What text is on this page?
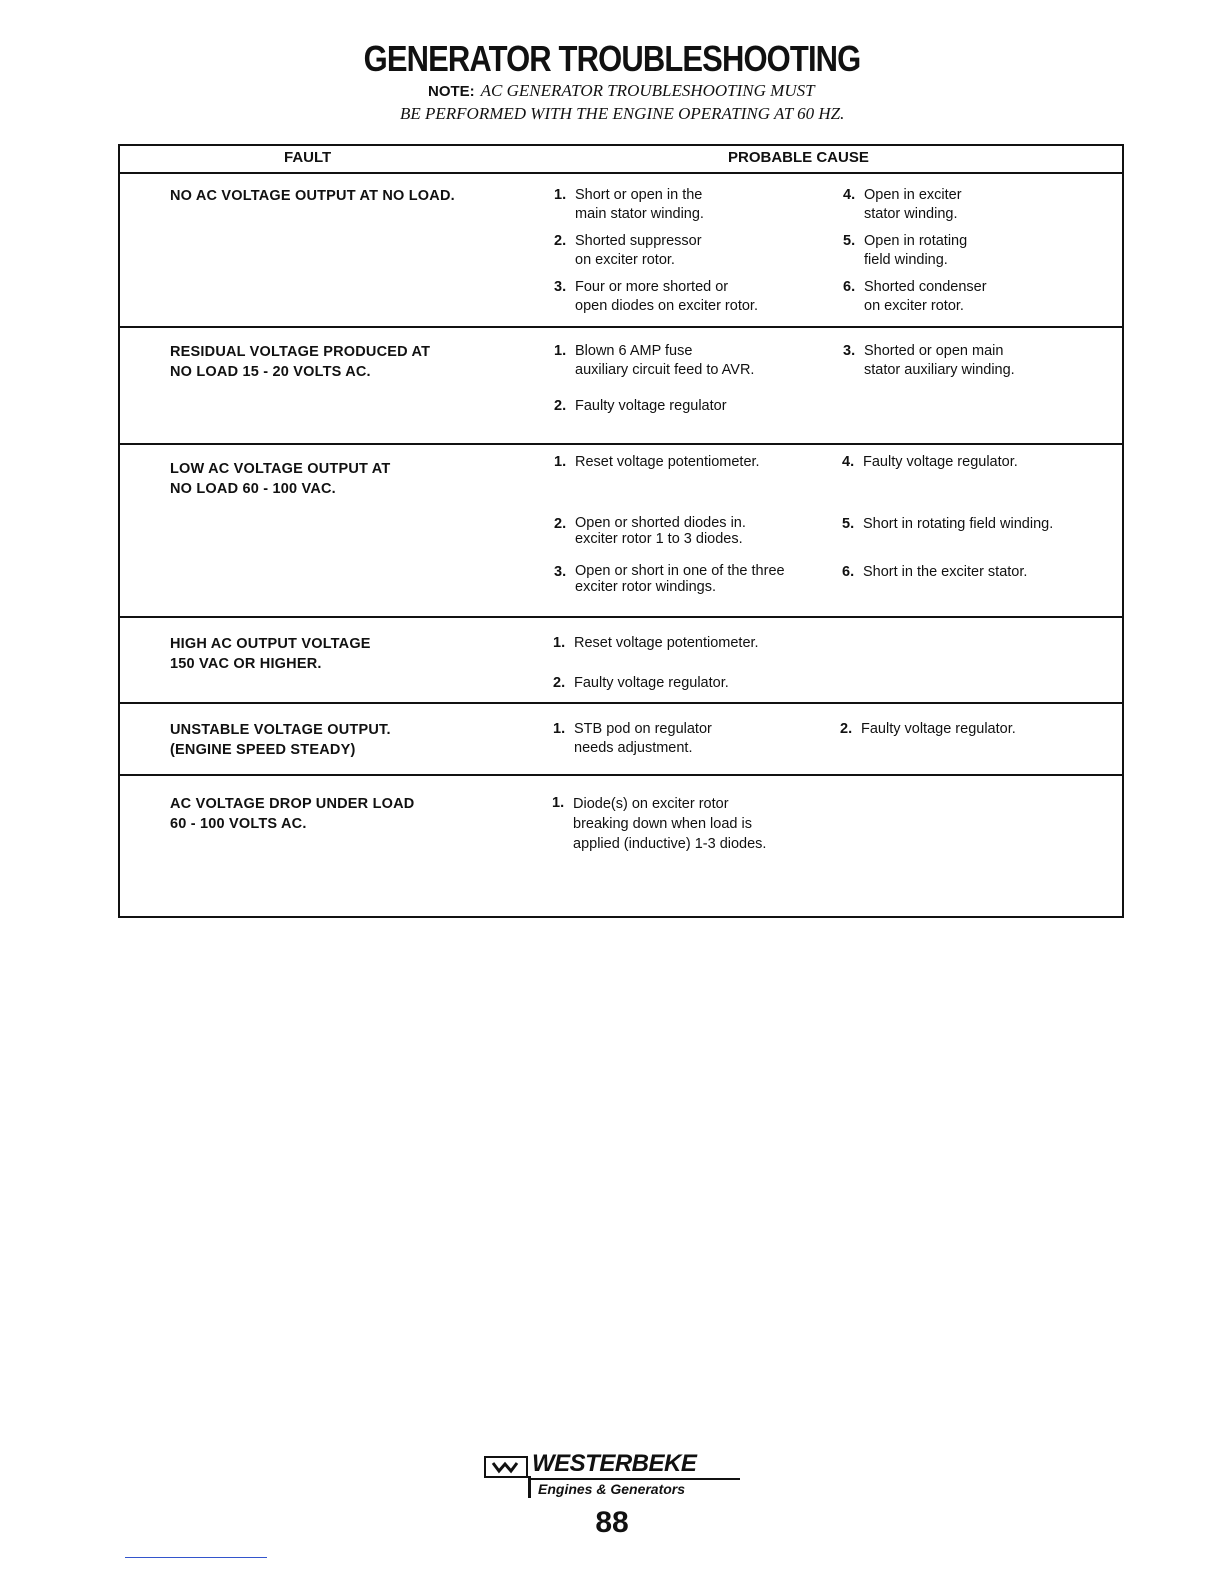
GENERATOR TROUBLESHOOTING
NOTE: AC GENERATOR TROUBLESHOOTING MUST
BE PERFORMED WITH THE ENGINE OPERATING AT 60 HZ.
FAULT	PROBABLE CAUSE
NO AC VOLTAGE OUTPUT AT NO LOAD.	1. Short or open in the
main stator winding.
2. Shorted suppressor
on exciter rotor.
3. Four or more shorted or
open diodes on exciter rotor.
4. Open in exciter
stator winding.
5. Open in rotating
field winding.
6. Shorted condenser
on exciter rotor.
RESIDUAL VOLTAGE PRODUCED AT
NO LOAD 15 - 20 VOLTS AC.
1. Blown 6 AMP fuse
auxiliary circuit feed to AVR.
2. Faulty voltage regulator
3. Shorted or open main
stator auxiliary winding.
LOW AC VOLTAGE OUTPUT AT
NO LOAD 60 - 100 VAC.
1. Reset voltage potentiometer.
2. Open or shorted diodes in.
exciter rotor 1 to 3 diodes.
3. Open or short in one of the three
exciter rotor windings.
4. Faulty voltage regulator.
5. Short in rotating field winding.
6. Short in the exciter stator.
HIGH AC OUTPUT VOLTAGE
150 VAC OR HIGHER.
1. Reset voltage potentiometer.
2. Faulty voltage regulator.
UNSTABLE VOLTAGE OUTPUT.
(ENGINE SPEED STEADY)
1. STB pod on regulator
needs adjustment.
2. Faulty voltage regulator.
AC VOLTAGE DROP UNDER LOAD
60 - 100 VOLTS AC.
1. Diode(s) on exciter rotor
breaking down when load is
applied (inductive) 1-3 diodes.
WESTERBEKE
Engines & Generators
88
